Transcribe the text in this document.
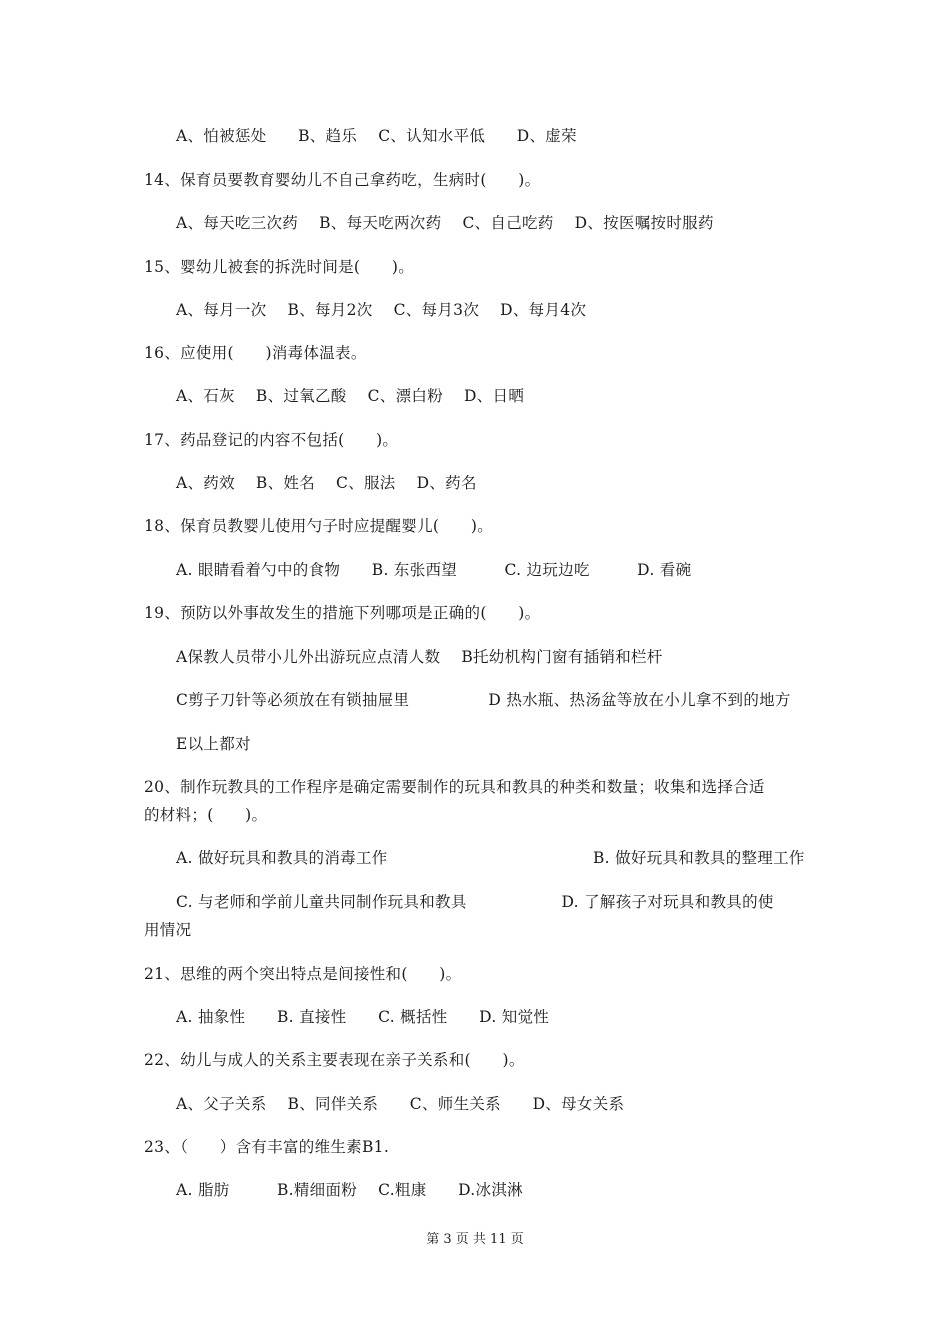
A、怕被惩处　　B、趋乐　 C、认知水平低　　D、虚荣
14、保育员要教育婴幼儿不自己拿药吃，生病时(　　)。
A、每天吃三次药　 B、每天吃两次药　 C、自己吃药　 D、按医嘱按时服药
15、婴幼儿被套的拆洗时间是(　　)。
A、每月一次　 B、每月2次　 C、每月3次　 D、每月4次
16、应使用(　　)消毒体温表。
A、石灰　 B、过氧乙酸　 C、漂白粉　 D、日晒
17、药品登记的内容不包括(　　)。
A、药效　 B、姓名　 C、服法　 D、药名
18、保育员教婴儿使用勺子时应提醒婴儿(　　)。
A. 眼睛看着勺中的食物　　B. 东张西望　　　C. 边玩边吃　　　D. 看碗
19、预防以外事故发生的措施下列哪项是正确的(　　)。
A保教人员带小儿外出游玩应点清人数　 B托幼机构门窗有插销和栏杆
C剪子刀针等必须放在有锁抽屉里　　　　　D 热水瓶、热汤盆等放在小儿拿不到的地方
E以上都对
20、制作玩教具的工作程序是确定需要制作的玩具和教具的种类和数量；收集和选择合适
的材料；(　　)。
A. 做好玩具和教具的消毒工作　　　　　　　　　　　　　B. 做好玩具和教具的整理工作
C. 与老师和学前儿童共同制作玩具和教具　　　　　　D. 了解孩子对玩具和教具的使
用情况
21、思维的两个突出特点是间接性和(　　)。
A. 抽象性　　B. 直接性　　C. 概括性　　D. 知觉性
22、幼儿与成人的关系主要表现在亲子关系和(　　)。
A、父子关系　 B、同伴关系　　C、师生关系　　D、母女关系
23、（　　）含有丰富的维生素B1.
A. 脂肪　　　B.精细面粉　 C.粗康　　D.冰淇淋
第 3 页 共 11 页
